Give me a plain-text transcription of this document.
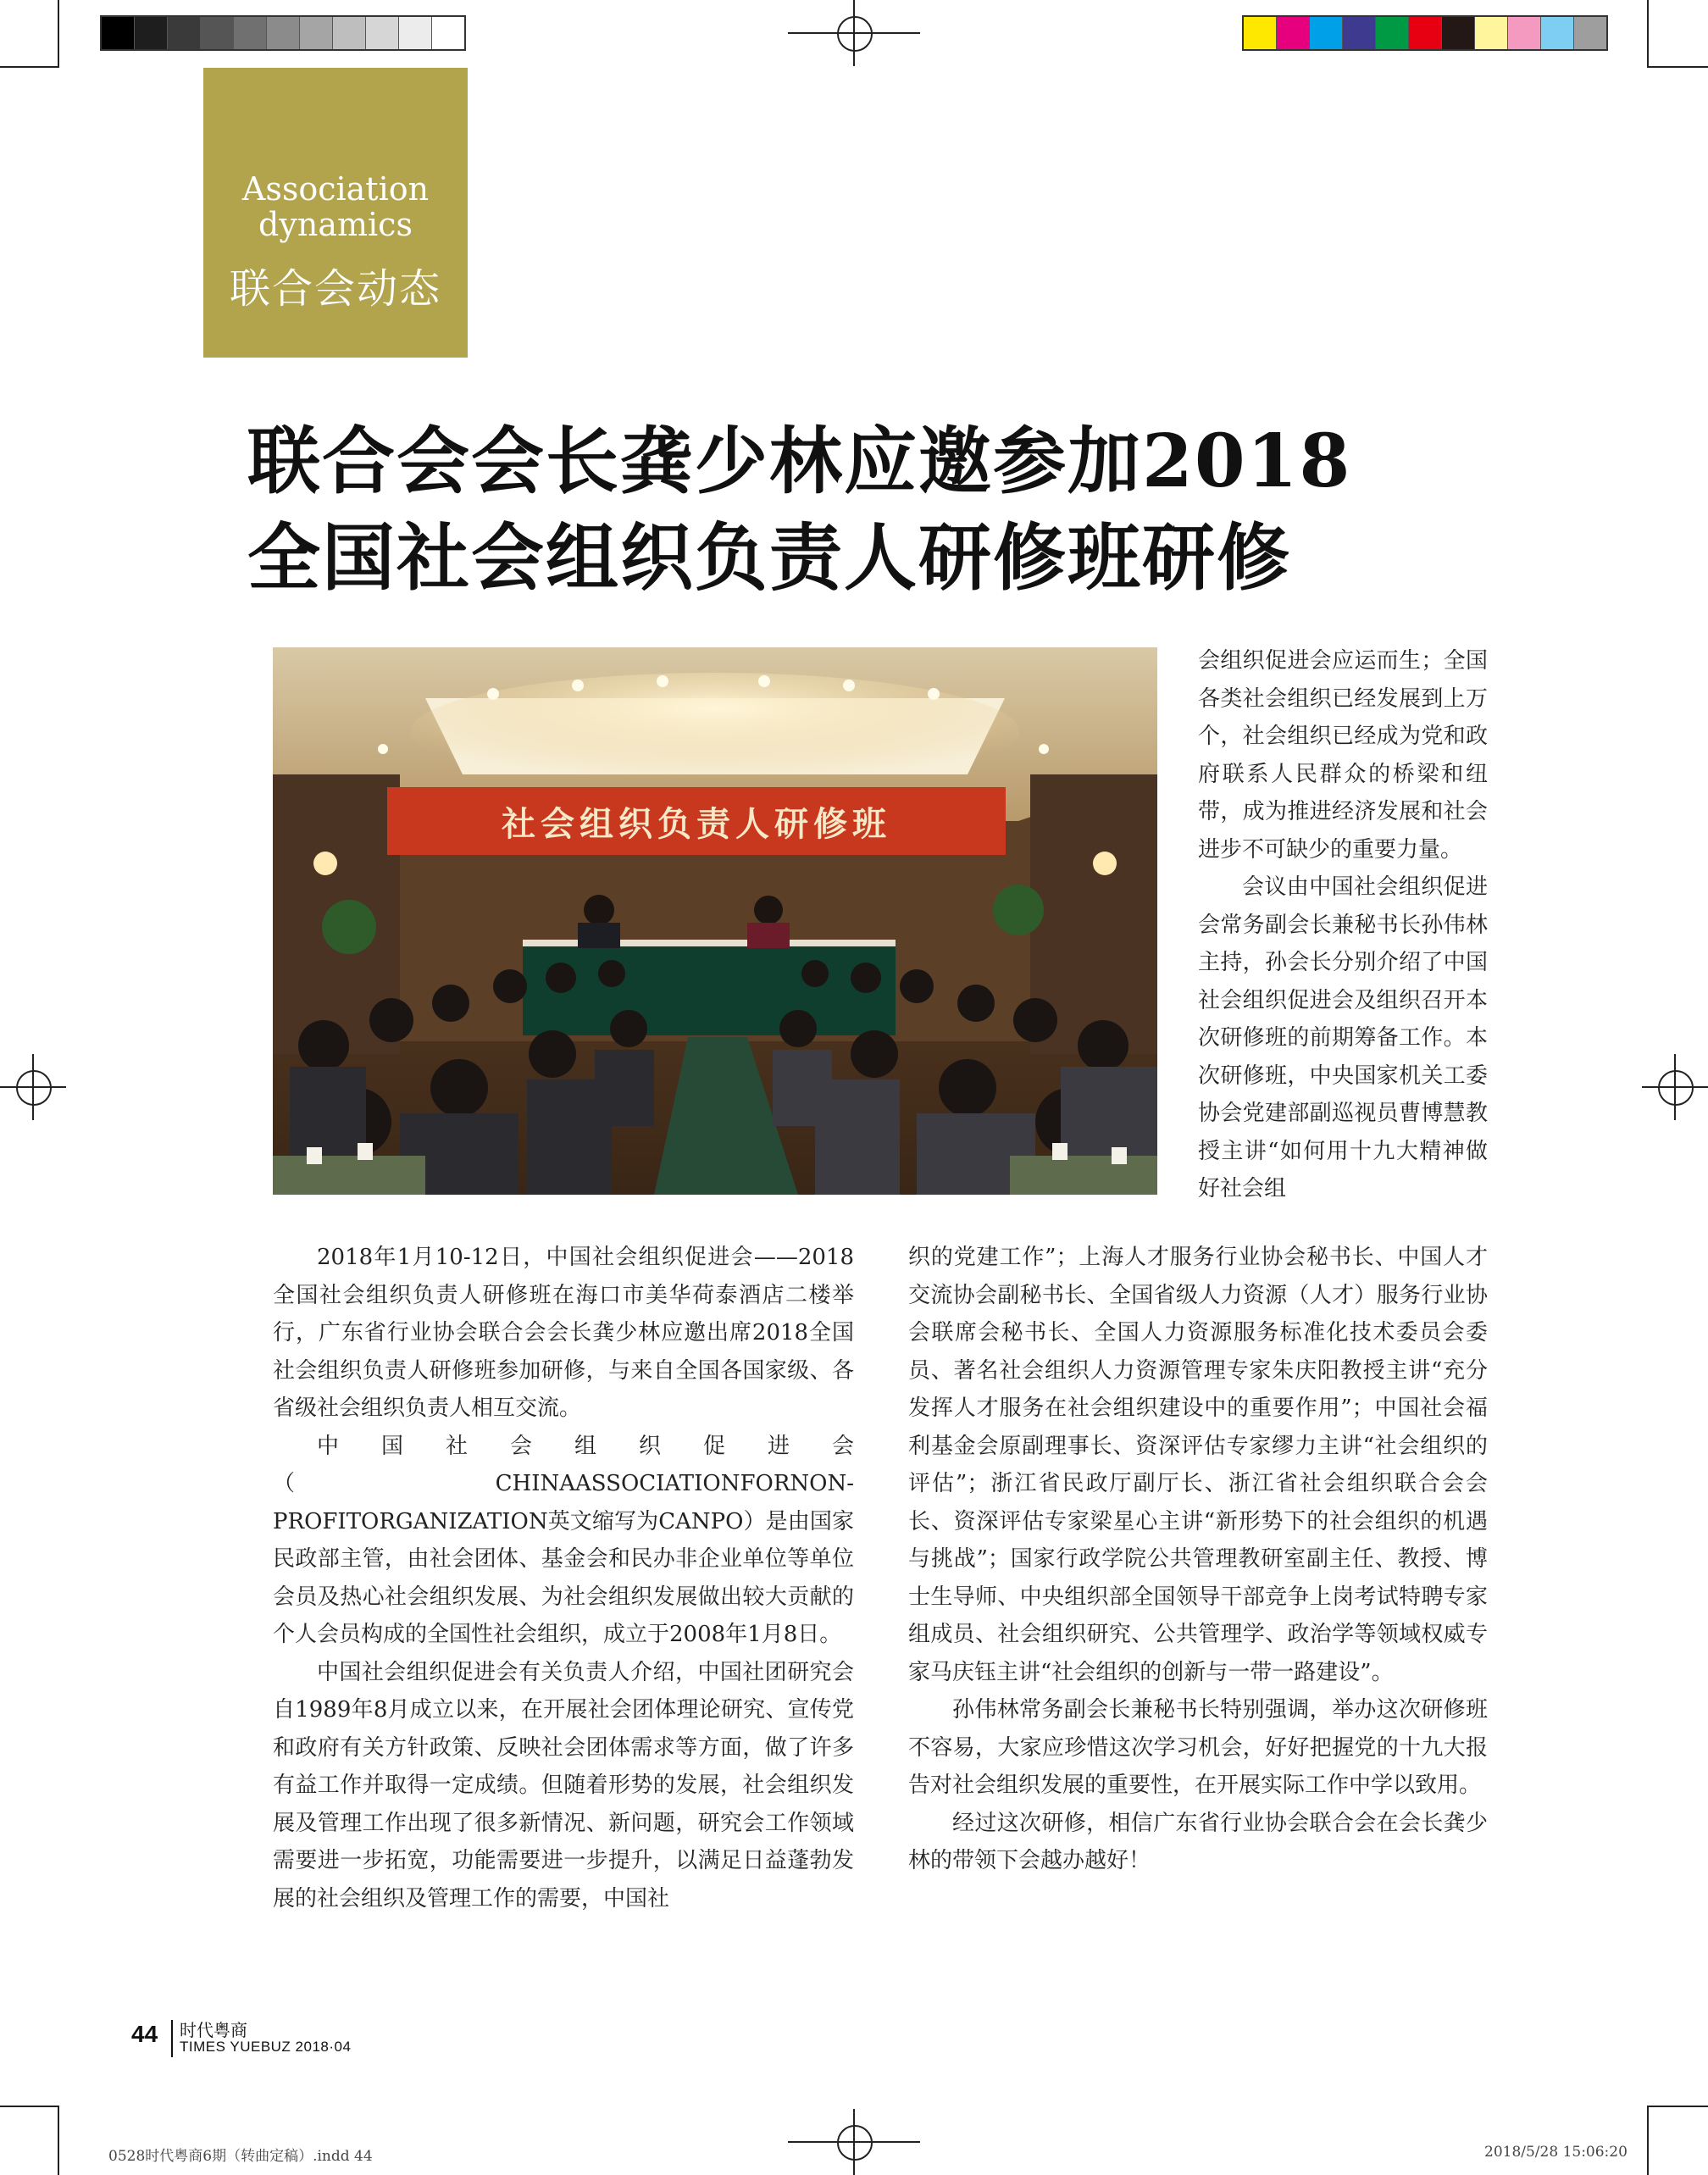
Association
dynamics
联合会动态
联合会会长龚少林应邀参加2018
全国社会组织负责人研修班研修
社会组织负责人研修班

会组织促进会应运而生；全国各类社会组织已经发展到上万个，社会组织已经成为党和政府联系人民群众的桥梁和纽带，成为推进经济发展和社会进步不可缺少的重要力量。

会议由中国社会组织促进会常务副会长兼秘书长孙伟林主持，孙会长分别介绍了中国社会组织促进会及组织召开本次研修班的前期筹备工作。本次研修班，中央国家机关工委协会党建部副巡视员曹博慧教授主讲“如何用十九大精神做好社会组

2018年1月10-12日，中国社会组织促进会——2018全国社会组织负责人研修班在海口市美华荷泰酒店二楼举行，广东省行业协会联合会会长龚少林应邀出席2018全国社会组织负责人研修班参加研修，与来自全国各国家级、各省级社会组织负责人相互交流。

中国社会组织促进会（CHINAASSOCIATIONFORNON-PROFITORGANIZATION英文缩写为CANPO）是由国家民政部主管，由社会团体、基金会和民办非企业单位等单位会员及热心社会组织发展、为社会组织发展做出较大贡献的个人会员构成的全国性社会组织，成立于2008年1月8日。

中国社会组织促进会有关负责人介绍，中国社团研究会自1989年8月成立以来，在开展社会团体理论研究、宣传党和政府有关方针政策、反映社会团体需求等方面，做了许多有益工作并取得一定成绩。但随着形势的发展，社会组织发展及管理工作出现了很多新情况、新问题，研究会工作领域需要进一步拓宽，功能需要进一步提升，以满足日益蓬勃发展的社会组织及管理工作的需要，中国社

织的党建工作”；上海人才服务行业协会秘书长、中国人才交流协会副秘书长、全国省级人力资源（人才）服务行业协会联席会秘书长、全国人力资源服务标准化技术委员会委员、著名社会组织人力资源管理专家朱庆阳教授主讲“充分发挥人才服务在社会组织建设中的重要作用”；中国社会福利基金会原副理事长、资深评估专家缪力主讲“社会组织的评估”；浙江省民政厅副厅长、浙江省社会组织联合会会长、资深评估专家梁星心主讲“新形势下的社会组织的机遇与挑战”；国家行政学院公共管理教研室副主任、教授、博士生导师、中央组织部全国领导干部竞争上岗考试特聘专家组成员、社会组织研究、公共管理学、政治学等领域权威专家马庆钰主讲“社会组织的创新与一带一路建设”。

孙伟林常务副会长兼秘书长特别强调，举办这次研修班不容易，大家应珍惜这次学习机会，好好把握党的十九大报告对社会组织发展的重要性，在开展实际工作中学以致用。

经过这次研修，相信广东省行业协会联合会在会长龚少林的带领下会越办越好！

44 时代粤商
TIMES YUEBUZ 2018·04
0528时代粤商6期（转曲定稿）.indd 44	2018/5/28 15:06:20
